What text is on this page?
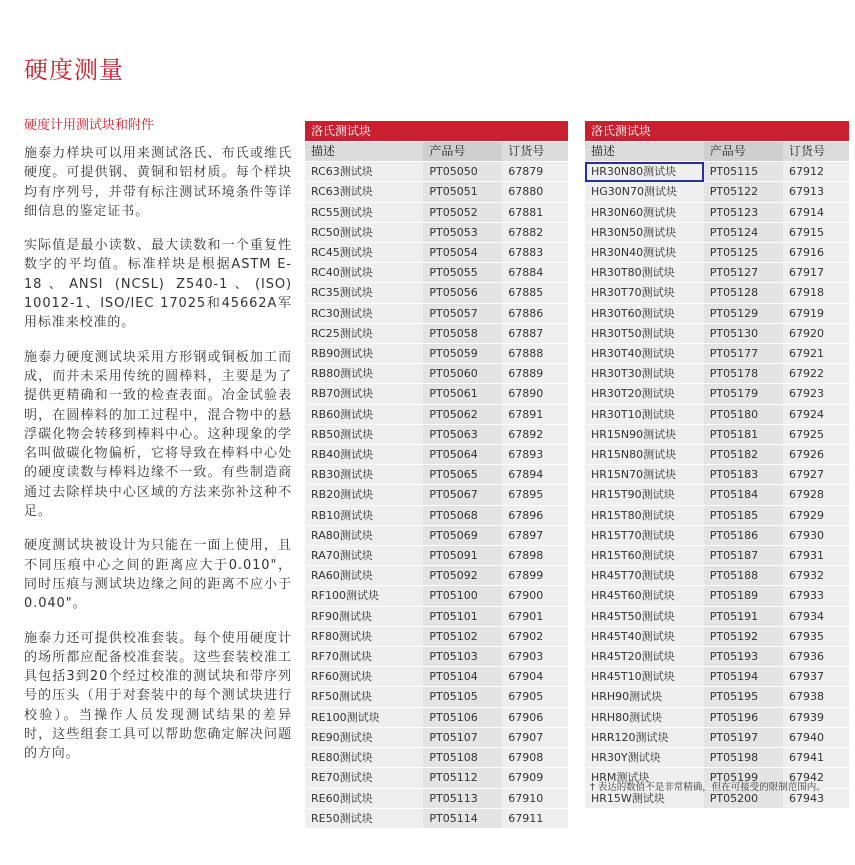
硬度测量
硬度计用测试块和附件

施泰力样块可以用来测试洛氏、布氏或维氏硬度。可提供钢、黄铜和铝材质。每个样块均有序列号，并带有标注测试环境条件等详细信息的鉴定证书。

实际值是最小读数、最大读数和一个重复性数字的平均值。标准样块是根据ASTM E-18、ANSI (NCSL) Z540-1、(ISO) 10012-1、ISO/IEC 17025和45662A军用标准来校准的。

施泰力硬度测试块采用方形钢或铜板加工而成，而并未采用传统的圆棒料，主要是为了提供更精确和一致的检查表面。冶金试验表明，在圆棒料的加工过程中，混合物中的悬浮碳化物会转移到棒料中心。这种现象的学名叫做碳化物偏析，它将导致在棒料中心处的硬度读数与棒料边缘不一致。有些制造商通过去除样块中心区域的方法来弥补这种不足。

硬度测试块被设计为只能在一面上使用，且不同压痕中心之间的距离应大于0.010"，同时压痕与测试块边缘之间的距离不应小于0.040"。

施泰力还可提供校准套装。每个使用硬度计的场所都应配备校准套装。这些套装校准工具包括3到20个经过校准的测试块和带序列号的压头（用于对套装中的每个测试块进行校验）。当操作人员发现测试结果的差异时，这些组套工具可以帮助您确定解决问题的方向。

洛氏测试块		
描述	产品号	订货号
RC63测试块	PT05050	67879
RC63测试块	PT05051	67880
RC55测试块	PT05052	67881
RC50测试块	PT05053	67882
RC45测试块	PT05054	67883
RC40测试块	PT05055	67884
RC35测试块	PT05056	67885
RC30测试块	PT05057	67886
RC25测试块	PT05058	67887
RB90测试块	PT05059	67888
RB80测试块	PT05060	67889
RB70测试块	PT05061	67890
RB60测试块	PT05062	67891
RB50测试块	PT05063	67892
RB40测试块	PT05064	67893
RB30测试块	PT05065	67894
RB20测试块	PT05067	67895
RB10测试块	PT05068	67896
RA80测试块	PT05069	67897
RA70测试块	PT05091	67898
RA60测试块	PT05092	67899
RF100测试块	PT05100	67900
RF90测试块	PT05101	67901
RF80测试块	PT05102	67902
RF70测试块	PT05103	67903
RF60测试块	PT05104	67904
RF50测试块	PT05105	67905
RE100测试块	PT05106	67906
RE90测试块	PT05107	67907
RE80测试块	PT05108	67908
RE70测试块	PT05112	67909
RE60测试块	PT05113	67910
RE50测试块	PT05114	67911
洛氏测试块		
描述	产品号	订货号
HR30N80测试块	PT05115	67912
HG30N70测试块	PT05122	67913
HR30N60测试块	PT05123	67914
HR30N50测试块	PT05124	67915
HR30N40测试块	PT05125	67916
HR30T80测试块	PT05127	67917
HR30T70测试块	PT05128	67918
HR30T60测试块	PT05129	67919
HR30T50测试块	PT05130	67920
HR30T40测试块	PT05177	67921
HR30T30测试块	PT05178	67922
HR30T20测试块	PT05179	67923
HR30T10测试块	PT05180	67924
HR15N90测试块	PT05181	67925
HR15N80测试块	PT05182	67926
HR15N70测试块	PT05183	67927
HR15T90测试块	PT05184	67928
HR15T80测试块	PT05185	67929
HR15T70测试块	PT05186	67930
HR15T60测试块	PT05187	67931
HR45T70测试块	PT05188	67932
HR45T60测试块	PT05189	67933
HR45T50测试块	PT05191	67934
HR45T40测试块	PT05192	67935
HR45T20测试块	PT05193	67936
HR45T10测试块	PT05194	67937
HRH90测试块	PT05195	67938
HRH80测试块	PT05196	67939
HRR120测试块	PT05197	67940
HR30Y测试块	PT05198	67941
HRM测试块	PT05199	67942
HR15W测试块	PT05200	67943

† 表达的数值不是非常精确，但在可接受的限制范围内。
